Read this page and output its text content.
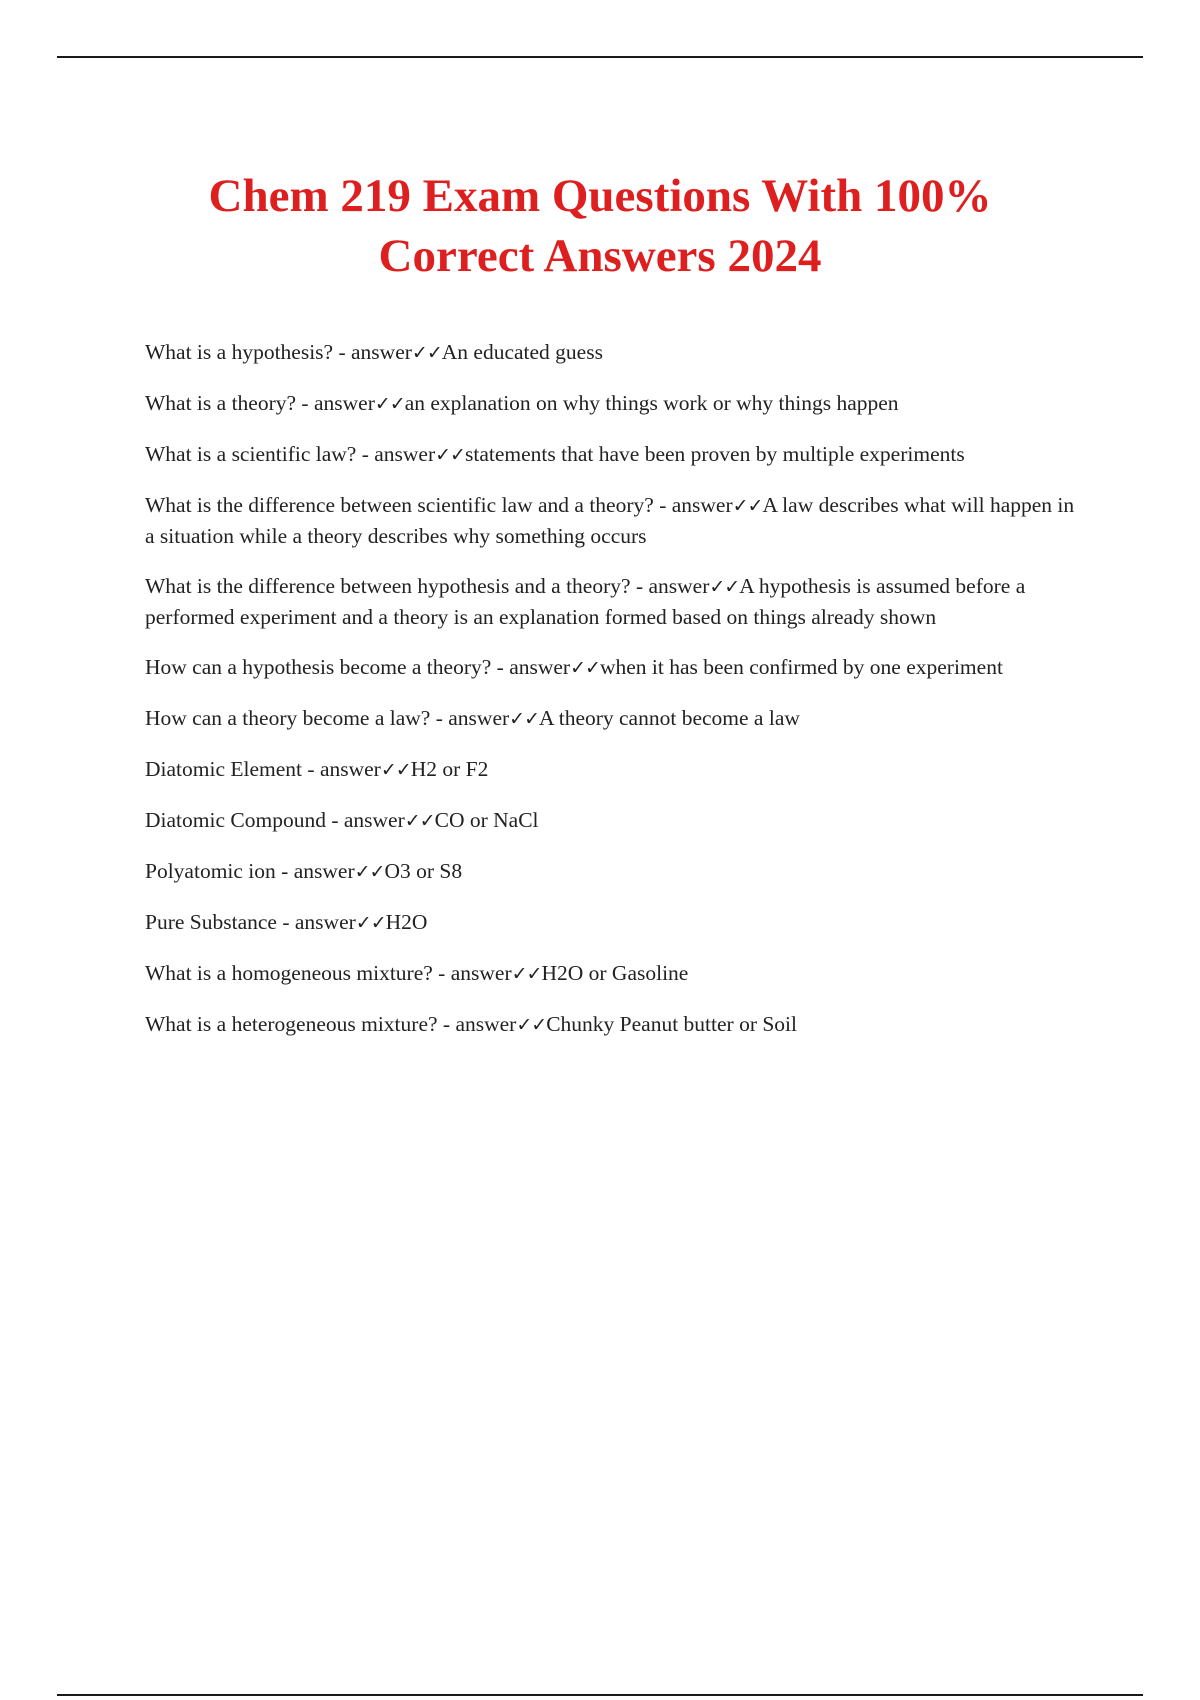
Chem 219 Exam Questions With 100%
Correct Answers 2024
What is a hypothesis? - answer✓✓An educated guess
What is a theory? - answer✓✓an explanation on why things work or why things happen
What is a scientific law? - answer✓✓statements that have been proven by multiple experiments
What is the difference between scientific law and a theory? - answer✓✓A law describes what will happen in a situation while a theory describes why something occurs
What is the difference between hypothesis and a theory? - answer✓✓A hypothesis is assumed before a performed experiment and a theory is an explanation formed based on things already shown
How can a hypothesis become a theory? - answer✓✓when it has been confirmed by one experiment
How can a theory become a law? - answer✓✓A theory cannot become a law
Diatomic Element - answer✓✓H2 or F2
Diatomic Compound - answer✓✓CO or NaCl
Polyatomic ion - answer✓✓O3 or S8
Pure Substance - answer✓✓H2O
What is a homogeneous mixture? - answer✓✓H2O or Gasoline
What is a heterogeneous mixture? - answer✓✓Chunky Peanut butter or Soil
